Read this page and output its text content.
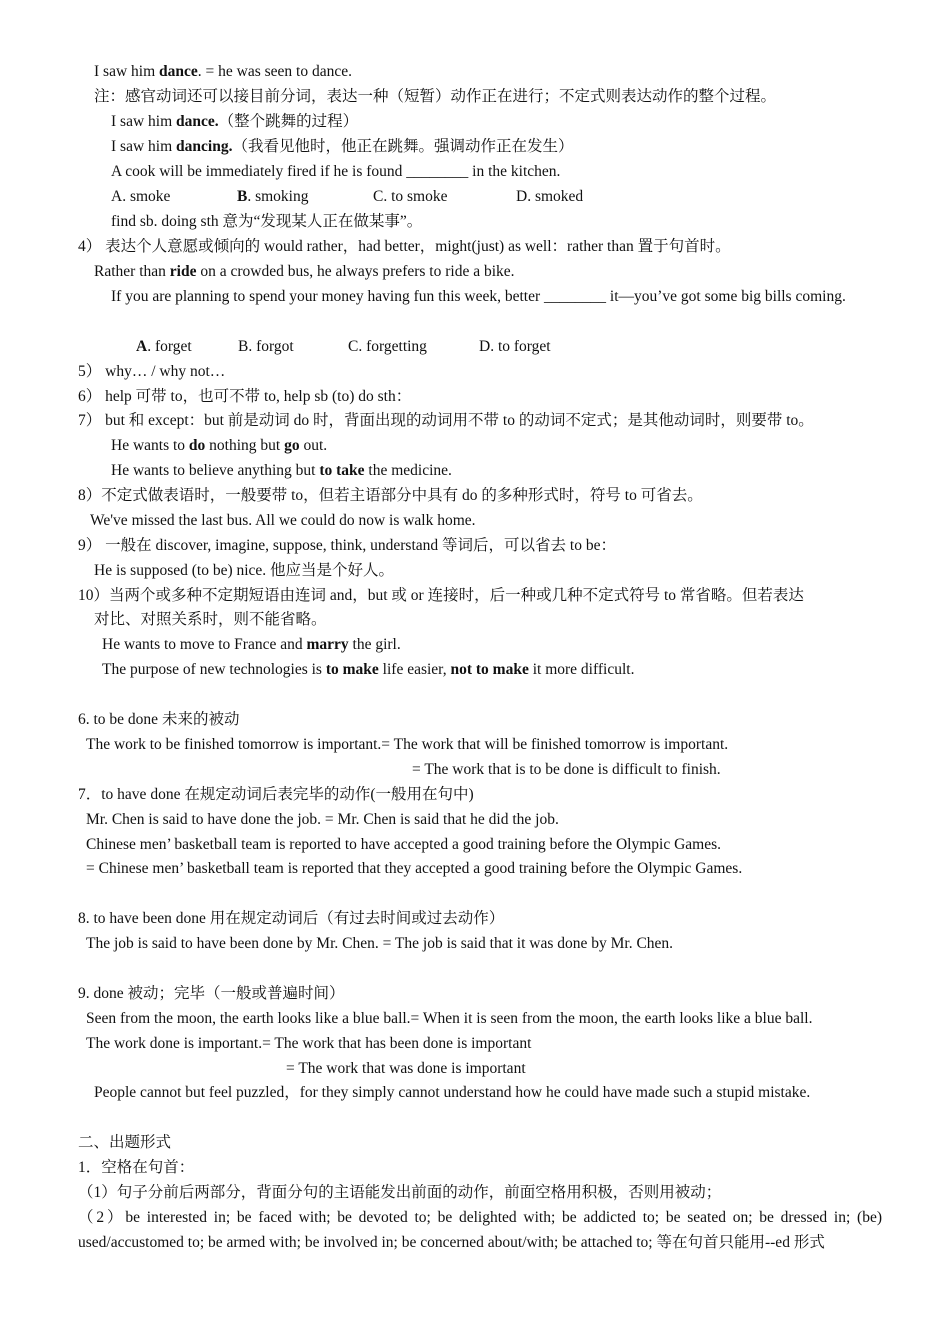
I saw him dance. = he was seen to dance.
注：感官动词还可以接目前分词，表达一种（短暂）动作正在进行；不定式则表达动作的整个过程。
I saw him dance.（整个跳舞的过程）
I saw him dancing.（我看见他时，他正在跳舞。强调动作正在发生）
A cook will be immediately fired if he is found ________ in the kitchen.
A. smoke	B. smoking	C. to smoke	D. smoked
find sb. doing sth 意为“发现某人正在做某事”。
4） 表达个人意愿或倾向的 would rather，had better，might(just) as well：rather than 置于句首时。
Rather than ride on a crowded bus, he always prefers to ride a bike.
If you are planning to spend your money having fun this week, better ________ it—you’ve got some big bills coming.
A. forget	B. forgot	C. forgetting	D. to forget
5） why… / why not…
6） help 可带 to，也可不带 to, help sb (to) do sth：
7） but 和 except：but 前是动词 do 时，背面出现的动词用不带 to 的动词不定式；是其他动词时，则要带 to。
He wants to do nothing but go out.
He wants to believe anything but to take the medicine.
8）不定式做表语时，一般要带 to，但若主语部分中具有 do 的多种形式时，符号 to 可省去。
We've missed the last bus. All we could do now is walk home.
9） 一般在 discover, imagine, suppose, think, understand 等词后，可以省去 to be：
He is supposed (to be) nice. 他应当是个好人。
10）当两个或多种不定期短语由连词 and，but 或 or 连接时，后一种或几种不定式符号 to 常省略。但若表达
对比、对照关系时，则不能省略。
He wants to move to France and marry the girl.
The purpose of new technologies is to make life easier, not to make it more difficult.
6. to be done 未来的被动
The work to be finished tomorrow is important.= The work that will be finished tomorrow is important.
= The work that is to be done is difficult to finish.
7．to have done 在规定动词后表完毕的动作(一般用在句中)
Mr. Chen is said to have done the job. = Mr. Chen is said that he did the job.
Chinese men’ basketball team is reported to have accepted a good training before the Olympic Games.
= Chinese men’ basketball team is reported that they accepted a good training before the Olympic Games.
8. to have been done 用在规定动词后（有过去时间或过去动作）
The job is said to have been done by Mr. Chen. = The job is said that it was done by Mr. Chen.
9. done 被动；完毕（一般或普遍时间）
Seen from the moon, the earth looks like a blue ball.= When it is seen from the moon, the earth looks like a blue ball.
The work done is important.= The work that has been done is important
= The work that was done is important
People cannot but feel puzzled，for they simply cannot understand how he could have made such a stupid mistake.
二、出题形式
1．空格在句首：
（1）句子分前后两部分，背面分句的主语能发出前面的动作，前面空格用积极，否则用被动；
（2）be interested in; be faced with; be devoted to; be delighted with; be addicted to; be seated on; be dressed in; (be) used/accustomed to; be armed with; be involved in; be concerned about/with; be attached to; 等在句首只能用--ed 形式
